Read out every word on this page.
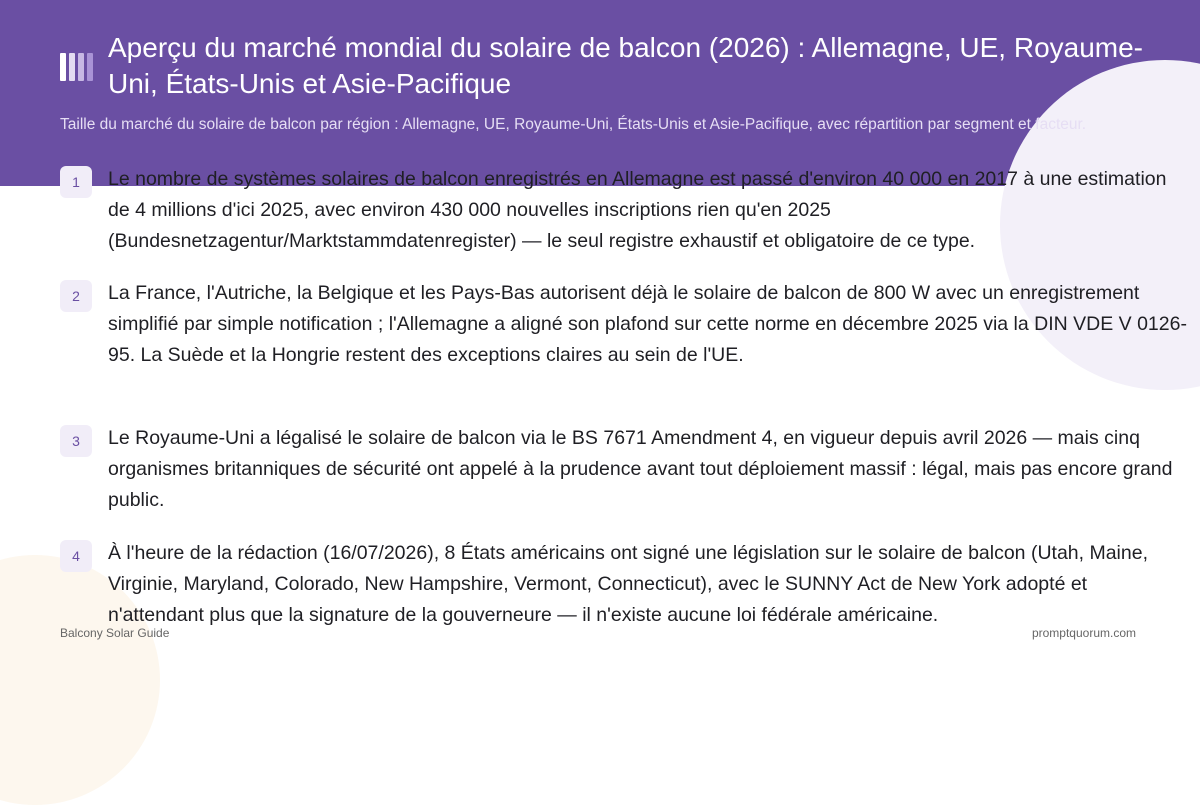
Aperçu du marché mondial du solaire de balcon (2026) : Allemagne, UE, Royaume-Uni, États-Unis et Asie-Pacifique

Taille du marché du solaire de balcon par région : Allemagne, UE, Royaume-Uni, États-Unis et Asie-Pacifique, avec répartition par segment et facteur.

1	Le nombre de systèmes solaires de balcon enregistrés en Allemagne est passé d'environ 40 000 en 2017 à une estimation de 4 millions d'ici 2025, avec environ 430 000 nouvelles inscriptions rien qu'en 2025 (Bundesnetzagentur/Marktstammdatenregister) — le seul registre exhaustif et obligatoire de ce type.

2	La France, l'Autriche, la Belgique et les Pays-Bas autorisent déjà le solaire de balcon de 800 W avec un enregistrement simplifié par simple notification ; l'Allemagne a aligné son plafond sur cette norme en décembre 2025 via la DIN VDE V 0126-95. La Suède et la Hongrie restent des exceptions claires au sein de l'UE.

3	Le Royaume-Uni a légalisé le solaire de balcon via le BS 7671 Amendment 4, en vigueur depuis avril 2026 — mais cinq organismes britanniques de sécurité ont appelé à la prudence avant tout déploiement massif : légal, mais pas encore grand public.

4	À l'heure de la rédaction (16/07/2026), 8 États américains ont signé une législation sur le solaire de balcon (Utah, Maine, Virginie, Maryland, Colorado, New Hampshire, Vermont, Connecticut), avec le SUNNY Act de New York adopté et n'attendant plus que la signature de la gouverneure — il n'existe aucune loi fédérale américaine.

Balcony Solar Guide	promptquorum.com
